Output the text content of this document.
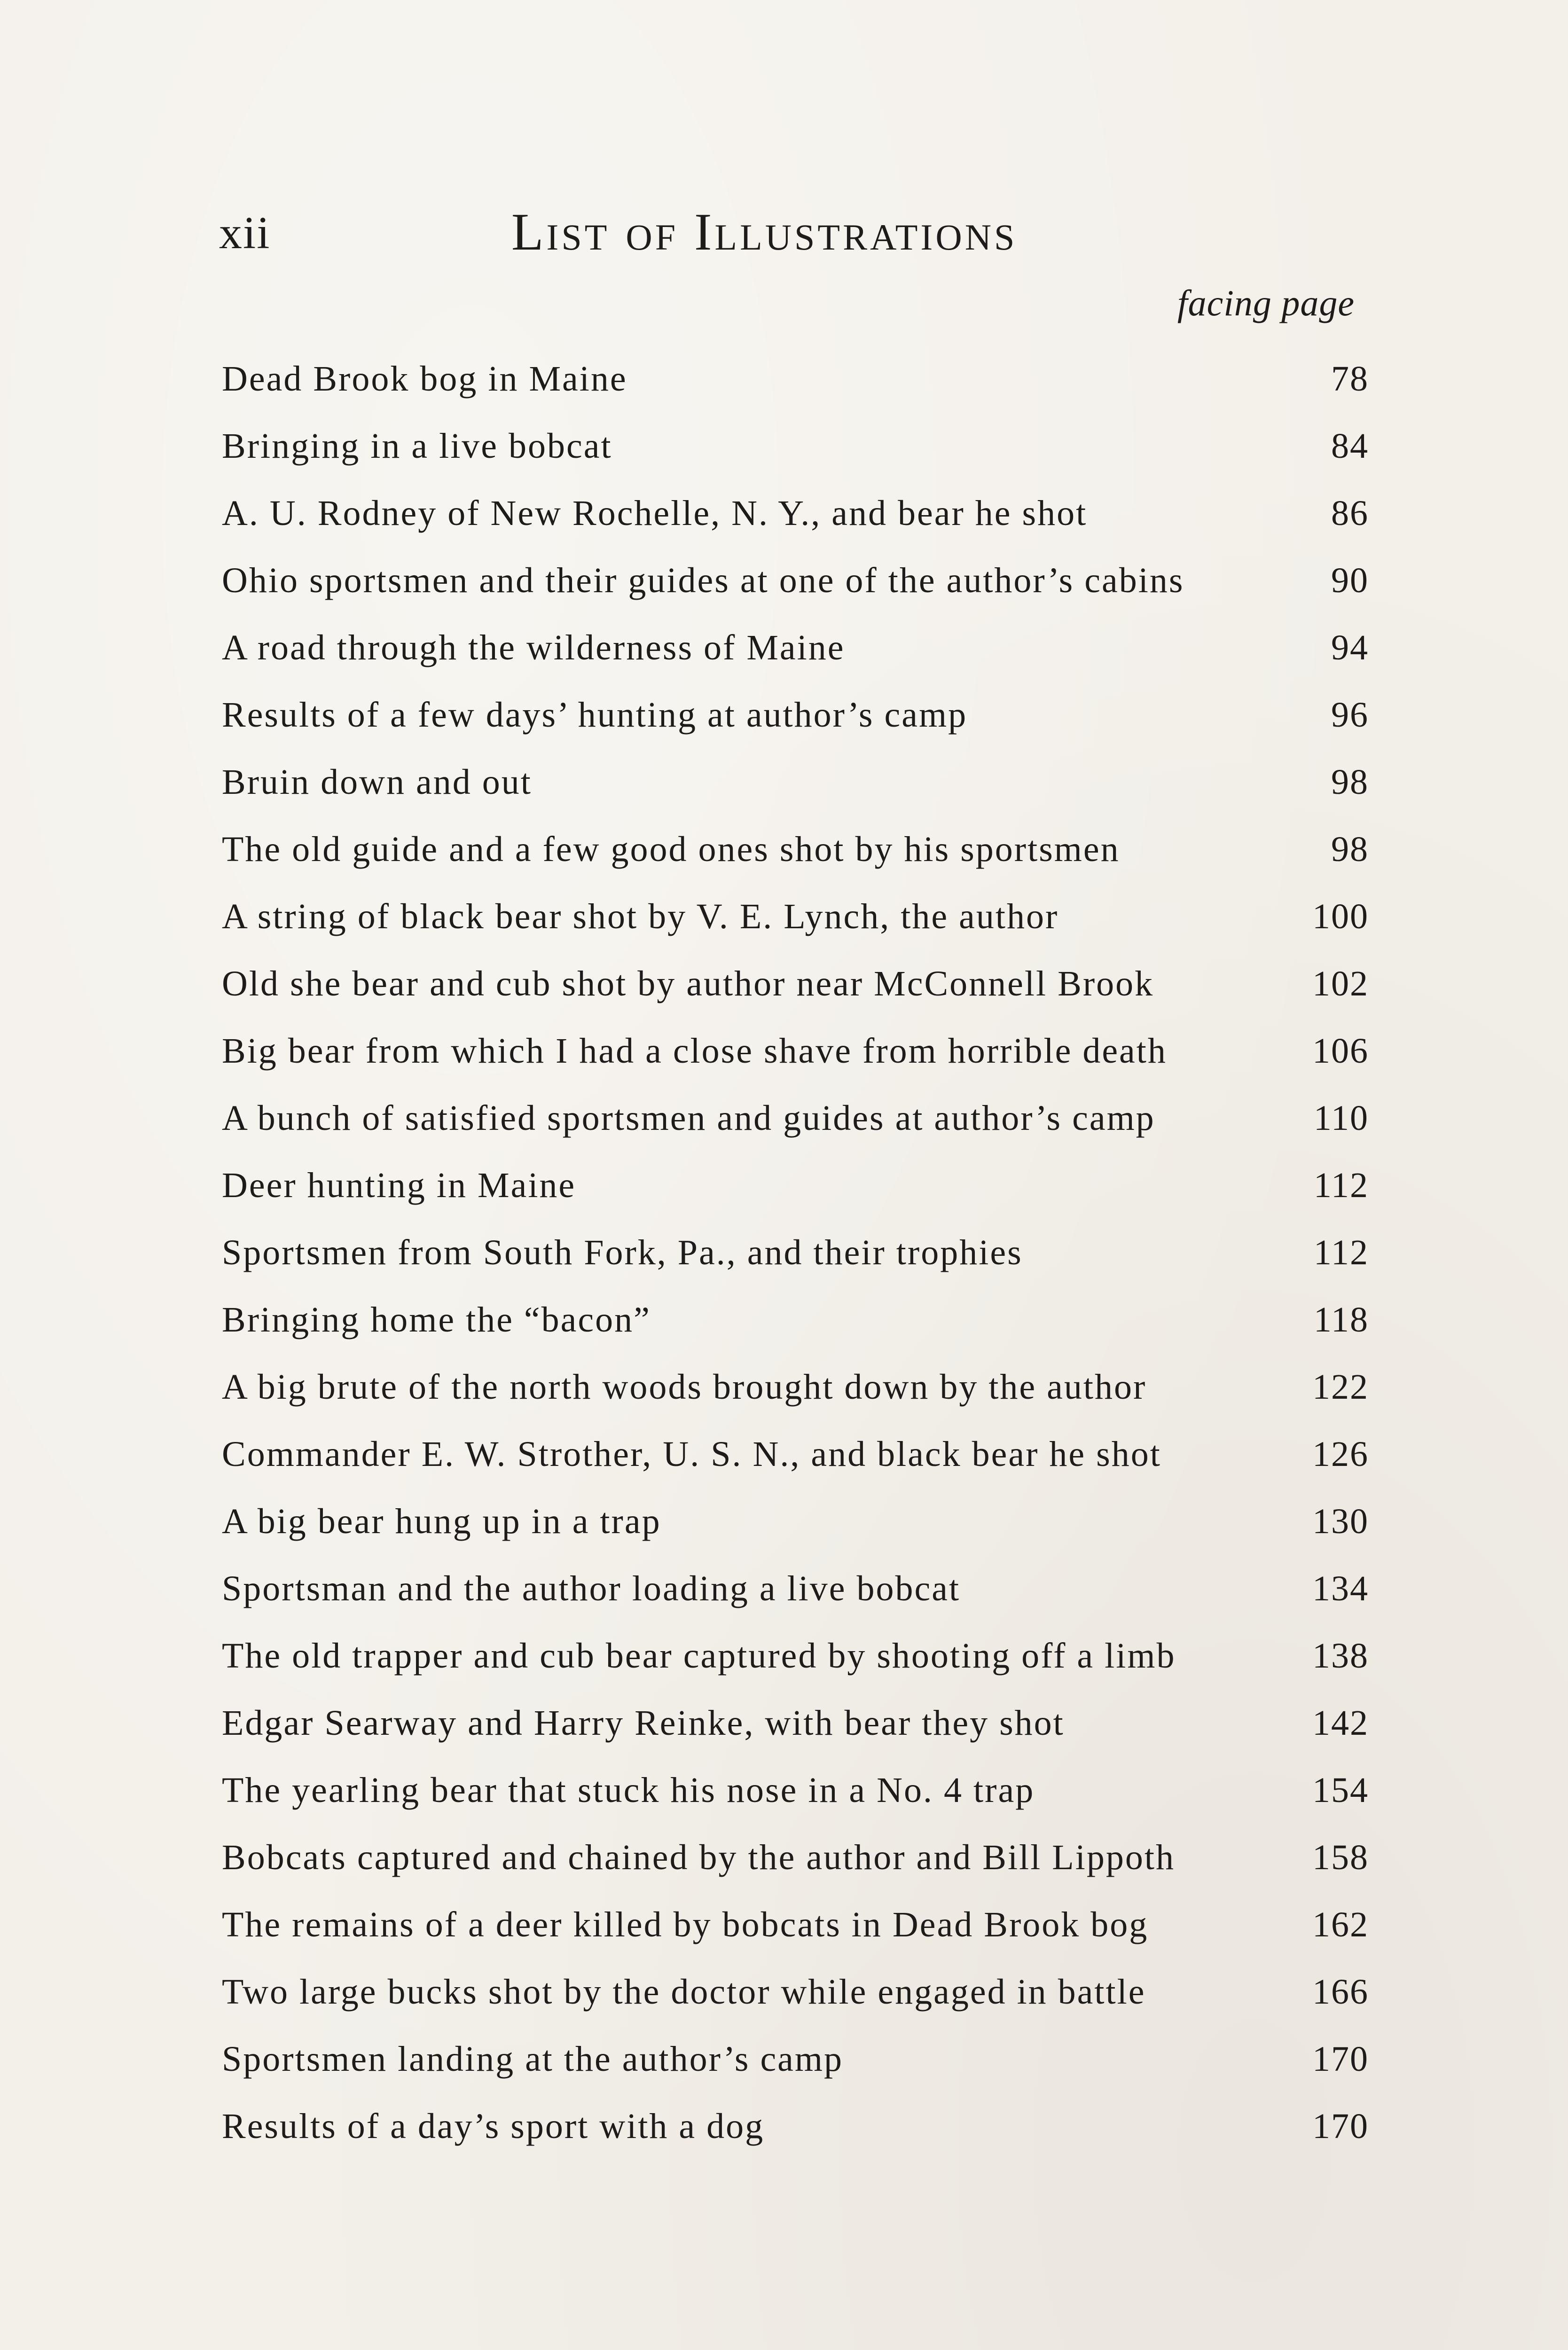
xii	List of Illustrations
facing page
Dead Brook bog in Maine	78
Bringing in a live bobcat	84
A. U. Rodney of New Rochelle, N. Y., and bear he shot	86
Ohio sportsmen and their guides at one of the author’s cabins	90
A road through the wilderness of Maine	94
Results of a few days’ hunting at author’s camp	96
Bruin down and out	98
The old guide and a few good ones shot by his sportsmen	98
A string of black bear shot by V. E. Lynch, the author	100
Old she bear and cub shot by author near McConnell Brook	102
Big bear from which I had a close shave from horrible death	106
A bunch of satisfied sportsmen and guides at author’s camp	110
Deer hunting in Maine	112
Sportsmen from South Fork, Pa., and their trophies	112
Bringing home the “bacon”	118
A big brute of the north woods brought down by the author	122
Commander E. W. Strother, U. S. N., and black bear he shot	126
A big bear hung up in a trap	130
Sportsman and the author loading a live bobcat	134
The old trapper and cub bear captured by shooting off a limb	138
Edgar Searway and Harry Reinke, with bear they shot	142
The yearling bear that stuck his nose in a No. 4 trap	154
Bobcats captured and chained by the author and Bill Lippoth	158
The remains of a deer killed by bobcats in Dead Brook bog	162
Two large bucks shot by the doctor while engaged in battle	166
Sportsmen landing at the author’s camp	170
Results of a day’s sport with a dog	170
